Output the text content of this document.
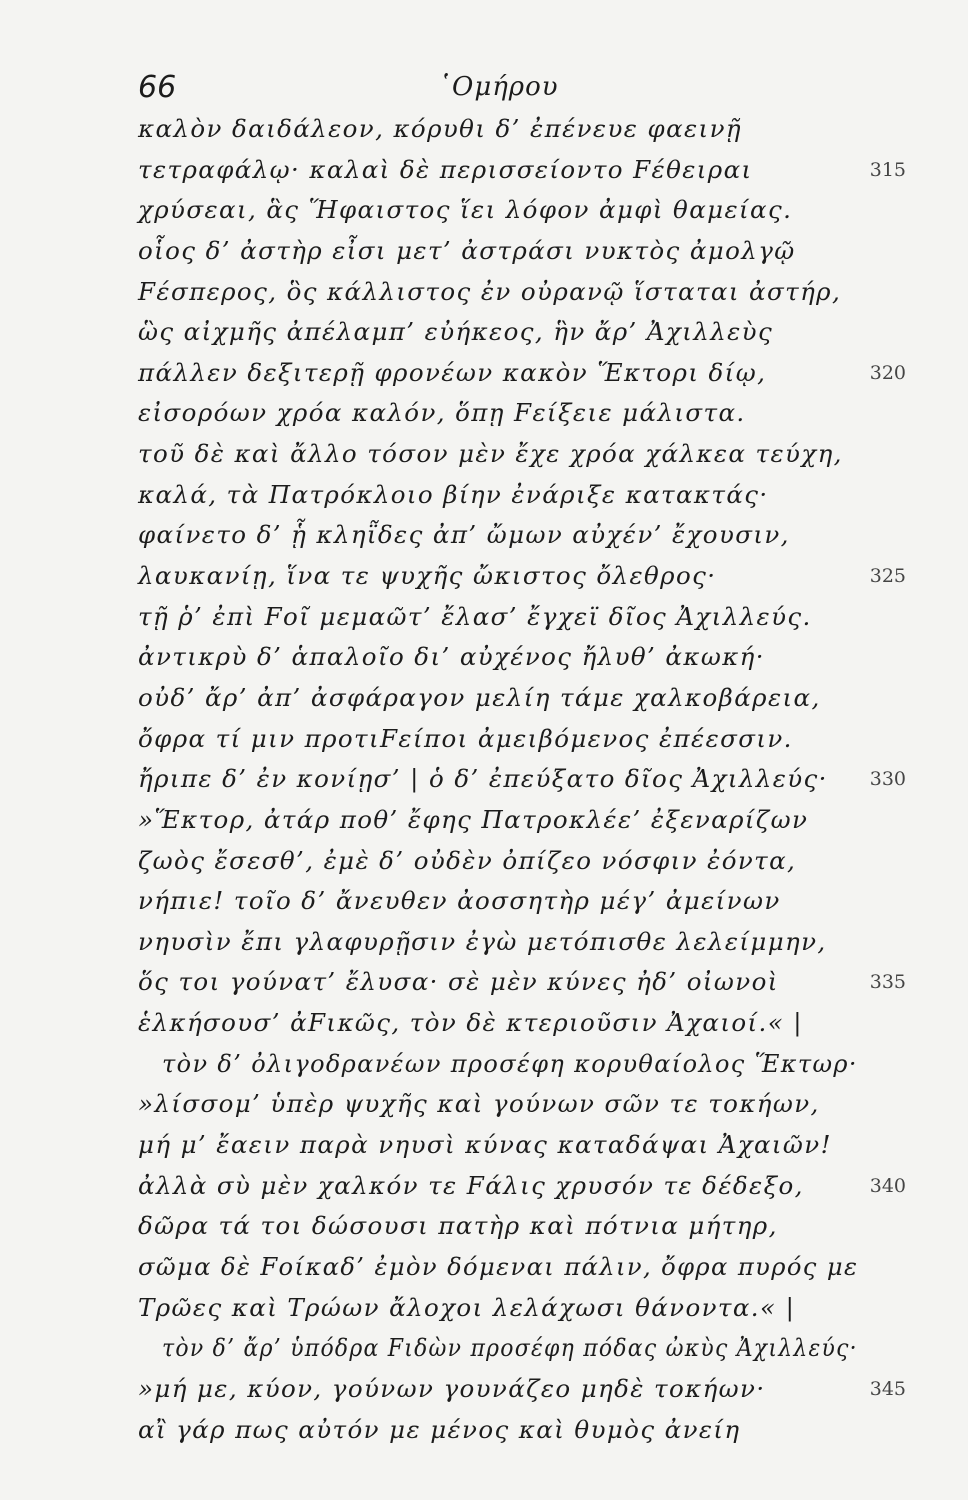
66	῾Ομήρου
καλὸν δαιδάλεον, κόρυθι δ’ ἐπένευε φαεινῇ
τετραφάλῳ· καλαὶ δὲ περισσείοντο Fέθειραι	315
χρύσεαι, ἃς Ἥφαιστος ἵει λόφον ἀμφὶ θαμείας.
οἷος δ’ ἀστὴρ εἶσι μετ’ ἀστράσι νυκτὸς ἀμολγῷ
Fέσπερος, ὃς κάλλιστος ἐν οὐρανῷ ἵσταται ἀστήρ,
ὣς αἰχμῆς ἀπέλαμπ’ εὐήκεος, ἣν ἄρ’ Ἀχιλλεὺς
πάλλεν δεξιτερῇ φρονέων κακὸν Ἕκτορι δίῳ,	320
εἰσορόων χρόα καλόν, ὅπῃ Fείξειε μάλιστα.
τοῦ δὲ καὶ ἄλλο τόσον μὲν ἔχε χρόα χάλκεα τεύχη,
καλά, τὰ Πατρόκλοιο βίην ἐνάριξε κατακτάς·
φαίνετο δ’ ᾗ κληῗδες ἀπ’ ὤμων αὐχέν’ ἔχουσιν,
λαυκανίῃ, ἵνα τε ψυχῆς ὤκιστος ὄλεθρος·	325
τῇ ῥ’ ἐπὶ Fοῖ μεμαῶτ’ ἔλασ’ ἔγχεϊ δῖος Ἀχιλλεύς.
ἀντικρὺ δ’ ἁπαλοῖο δι’ αὐχένος ἤλυθ’ ἀκωκή·
οὐδ’ ἄρ’ ἀπ’ ἀσφάραγον μελίη τάμε χαλκοβάρεια,
ὄφρα τί μιν προτιFείποι ἀμειβόμενος ἐπέεσσιν.
ἤριπε δ’ ἐν κονίῃσ’ | ὁ δ’ ἐπεύξατο δῖος Ἀχιλλεύς· 330
»Ἕκτορ, ἀτάρ ποθ’ ἔφης Πατροκλέε’ ἐξεναρίζων
ζωὸς ἔσεσθ’, ἐμὲ δ’ οὐδὲν ὀπίζεο νόσφιν ἐόντα,
νήπιε! τοῖο δ’ ἄνευθεν ἀοσσητὴρ μέγ’ ἀμείνων
νηυσὶν ἔπι γλαφυρῇσιν ἐγὼ μετόπισθε λελείμμην,
ὅς τοι γούνατ’ ἔλυσα· σὲ μὲν κύνες ἠδ’ οἰωνοὶ	335
ἑλκήσουσ’ ἀFικῶς, τὸν δὲ κτεριοῦσιν Ἀχαιοί.« |
τὸν δ’ ὀλιγοδρανέων προσέφη κορυθαίολος Ἕκτωρ·
»λίσσομ’ ὑπὲρ ψυχῆς καὶ γούνων σῶν τε τοκήων,
μή μ’ ἔαειν παρὰ νηυσὶ κύνας καταδάψαι Ἀχαιῶν!
ἀλλὰ σὺ μὲν χαλκόν τε Fάλις χρυσόν τε δέδεξο,	340
δῶρα τά τοι δώσουσι πατὴρ καὶ πότνια μήτηρ,
σῶμα δὲ Fοίκαδ’ ἐμὸν δόμεναι πάλιν, ὄφρα πυρός με
Τρῶες καὶ Τρώων ἄλοχοι λελάχωσι θάνοντα.« |
τὸν δ’ ἄρ’ ὑπόδρα Fιδὼν προσέφη πόδας ὠκὺς Ἀχιλλεύς·
»μή με, κύον, γούνων γουνάζεο μηδὲ τοκήων·	345
αἲ γάρ πως αὐτόν με μένος καὶ θυμὸς ἀνείη
